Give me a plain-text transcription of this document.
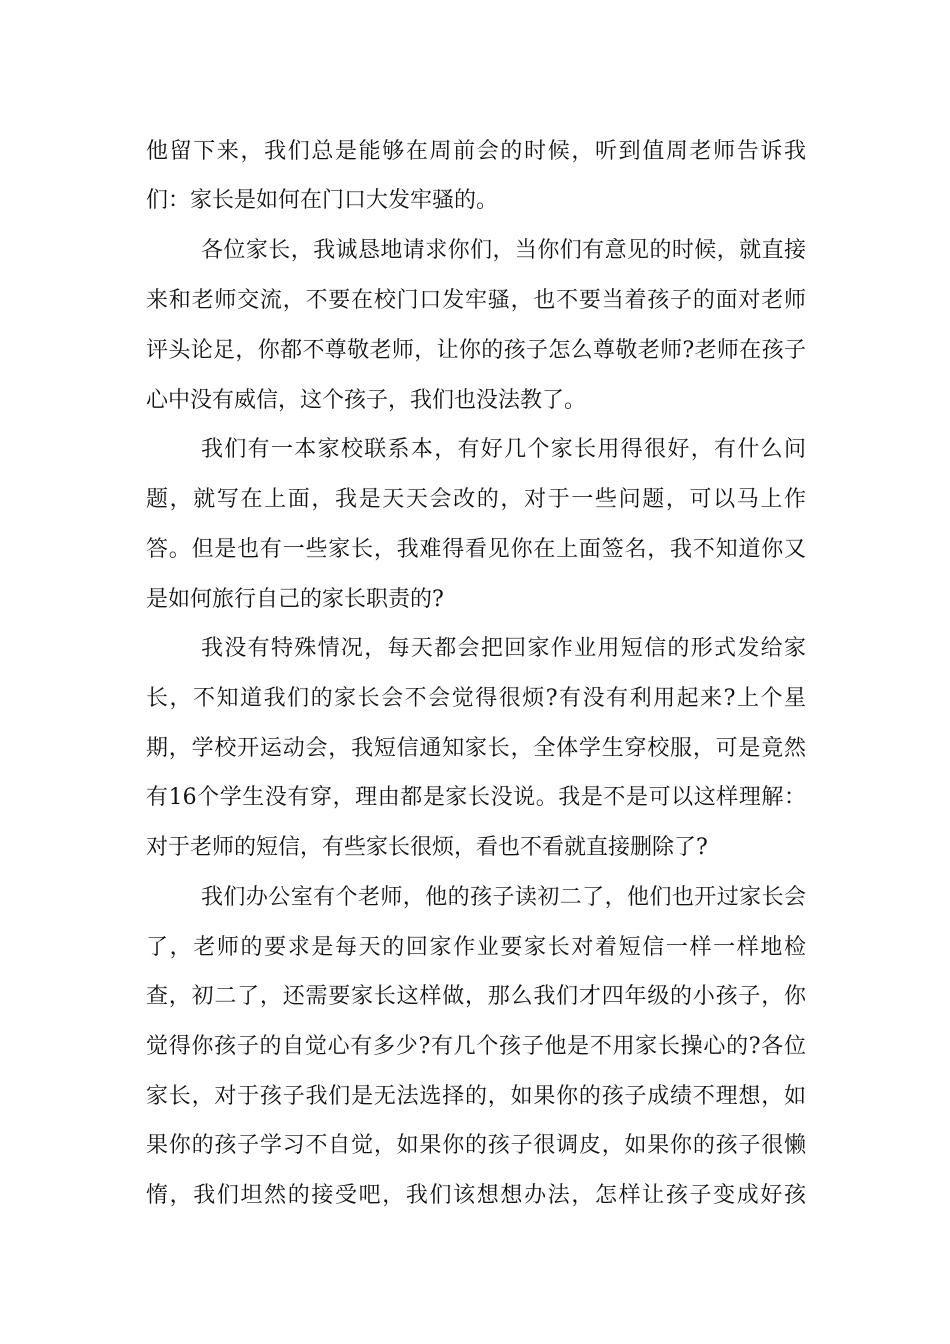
他留下来，我们总是能够在周前会的时候，听到值周老师告诉我
们：家长是如何在门口大发牢骚的。
各位家长，我诚恳地请求你们，当你们有意见的时候，就直接
来和老师交流，不要在校门口发牢骚，也不要当着孩子的面对老师
评头论足，你都不尊敬老师，让你的孩子怎么尊敬老师?老师在孩子
心中没有威信，这个孩子，我们也没法教了。
我们有一本家校联系本，有好几个家长用得很好，有什么问
题，就写在上面，我是天天会改的，对于一些问题，可以马上作
答。但是也有一些家长，我难得看见你在上面签名，我不知道你又
是如何旅行自己的家长职责的?
我没有特殊情况，每天都会把回家作业用短信的形式发给家
长，不知道我们的家长会不会觉得很烦?有没有利用起来?上个星
期，学校开运动会，我短信通知家长，全体学生穿校服，可是竟然
有16个学生没有穿，理由都是家长没说。我是不是可以这样理解：
对于老师的短信，有些家长很烦，看也不看就直接删除了?
我们办公室有个老师，他的孩子读初二了，他们也开过家长会
了，老师的要求是每天的回家作业要家长对着短信一样一样地检
查，初二了，还需要家长这样做，那么我们才四年级的小孩子，你
觉得你孩子的自觉心有多少?有几个孩子他是不用家长操心的?各位
家长，对于孩子我们是无法选择的，如果你的孩子成绩不理想，如
果你的孩子学习不自觉，如果你的孩子很调皮，如果你的孩子很懒
惰，我们坦然的接受吧，我们该想想办法，怎样让孩子变成好孩
